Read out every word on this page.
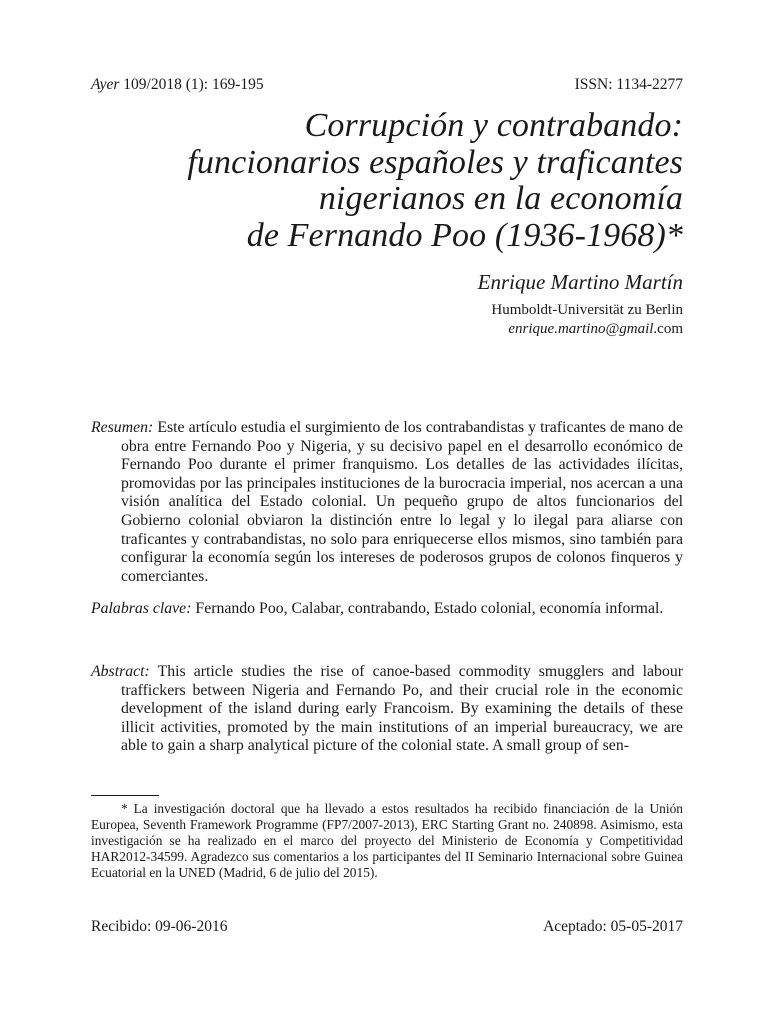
Ayer 109/2018 (1): 169-195	ISSN: 1134-2277
Corrupción y contrabando:
funcionarios españoles y traficantes
nigerianos en la economía
de Fernando Poo (1936-1968)*
Enrique Martino Martín
Humboldt-Universität zu Berlin
enrique.martino@gmail.com

Resumen: Este artículo estudia el surgimiento de los contrabandistas y traficantes de mano de obra entre Fernando Poo y Nigeria, y su decisivo papel en el desarrollo económico de Fernando Poo durante el primer franquismo. Los detalles de las actividades ilícitas, promovidas por las principales instituciones de la burocracia imperial, nos acercan a una visión analítica del Estado colonial. Un pequeño grupo de altos funcionarios del Gobierno colonial obviaron la distinción entre lo legal y lo ilegal para aliarse con traficantes y contrabandistas, no solo para enriquecerse ellos mismos, sino también para configurar la economía según los intereses de poderosos grupos de colonos finqueros y comerciantes.

Palabras clave: Fernando Poo, Calabar, contrabando, Estado colonial, economía informal.

Abstract: This article studies the rise of canoe-based commodity smugglers and labour traffickers between Nigeria and Fernando Po, and their crucial role in the economic development of the island during early Francoism. By examining the details of these illicit activities, promoted by the main institutions of an imperial bureaucracy, we are able to gain a sharp analytical picture of the colonial state. A small group of sen-

* La investigación doctoral que ha llevado a estos resultados ha recibido financiación de la Unión Europea, Seventh Framework Programme (FP7/2007-2013), ERC Starting Grant no. 240898. Asimismo, esta investigación se ha realizado en el marco del proyecto del Ministerio de Economía y Competitividad HAR2012-34599. Agradezco sus comentarios a los participantes del II Seminario Internacional sobre Guinea Ecuatorial en la UNED (Madrid, 6 de julio del 2015).

Recibido: 09-06-2016	Aceptado: 05-05-2017
